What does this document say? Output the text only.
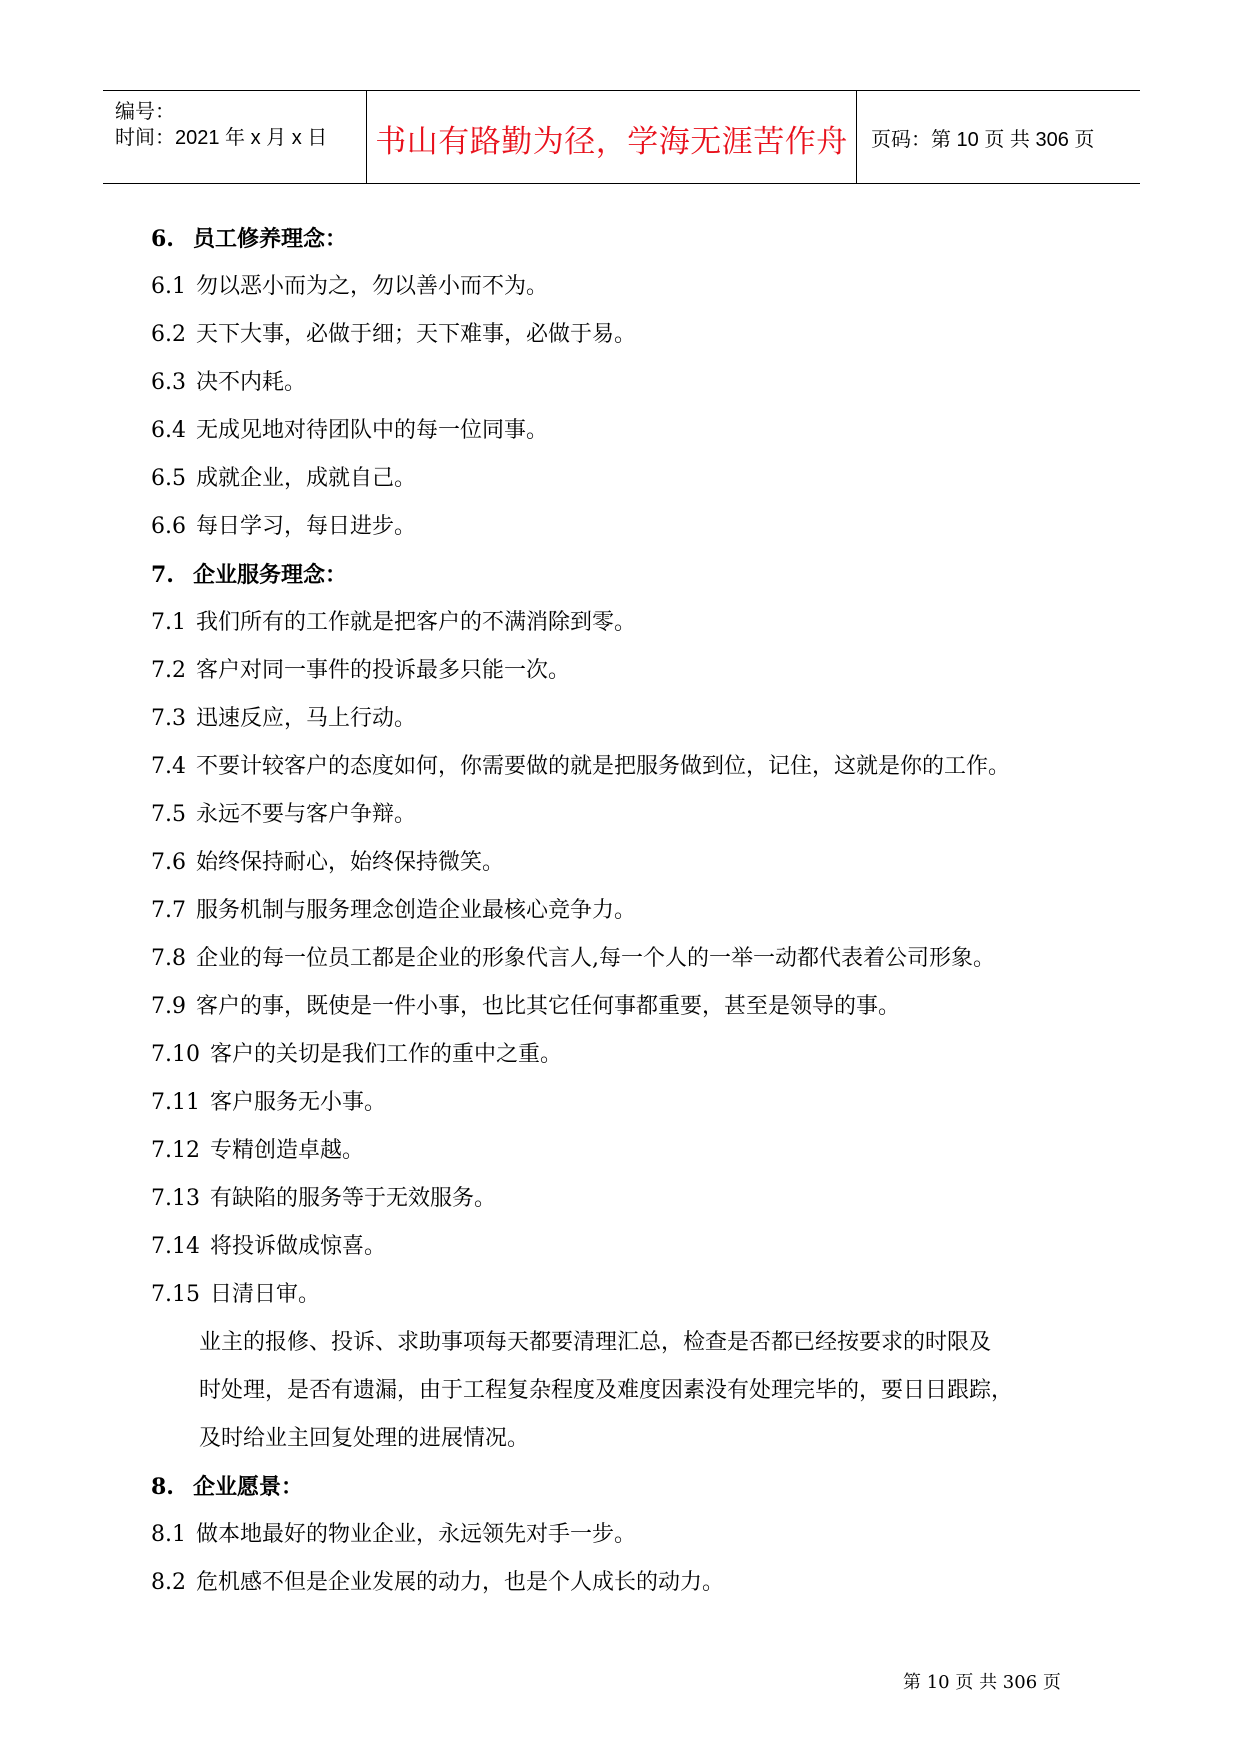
编号：
时间：2021 年 x 月 x 日 书山有路勤为径，学海无涯苦作舟	页码：第 10 页 共 306 页
6. 员工修养理念：
6.1 勿以恶小而为之，勿以善小而不为。
6.2 天下大事，必做于细；天下难事，必做于易。
6.3 决不内耗。
6.4 无成见地对待团队中的每一位同事。
6.5 成就企业，成就自己。
6.6 每日学习，每日进步。
7. 企业服务理念：
7.1 我们所有的工作就是把客户的不满消除到零。
7.2 客户对同一事件的投诉最多只能一次。
7.3 迅速反应，马上行动。
7.4 不要计较客户的态度如何，你需要做的就是把服务做到位，记住，这就是你的工作。
7.5 永远不要与客户争辩。
7.6 始终保持耐心，始终保持微笑。
7.7 服务机制与服务理念创造企业最核心竞争力。
7.8 企业的每一位员工都是企业的形象代言人,每一个人的一举一动都代表着公司形象。
7.9 客户的事，既使是一件小事，也比其它任何事都重要，甚至是领导的事。
7.10 客户的关切是我们工作的重中之重。
7.11 客户服务无小事。
7.12 专精创造卓越。
7.13 有缺陷的服务等于无效服务。
7.14 将投诉做成惊喜。
7.15 日清日审。
业主的报修、投诉、求助事项每天都要清理汇总，检查是否都已经按要求的时限及
时处理，是否有遗漏，由于工程复杂程度及难度因素没有处理完毕的，要日日跟踪，
及时给业主回复处理的进展情况。
8. 企业愿景：
8.1 做本地最好的物业企业，永远领先对手一步。
8.2 危机感不但是企业发展的动力，也是个人成长的动力。
第 10 页 共 306 页
